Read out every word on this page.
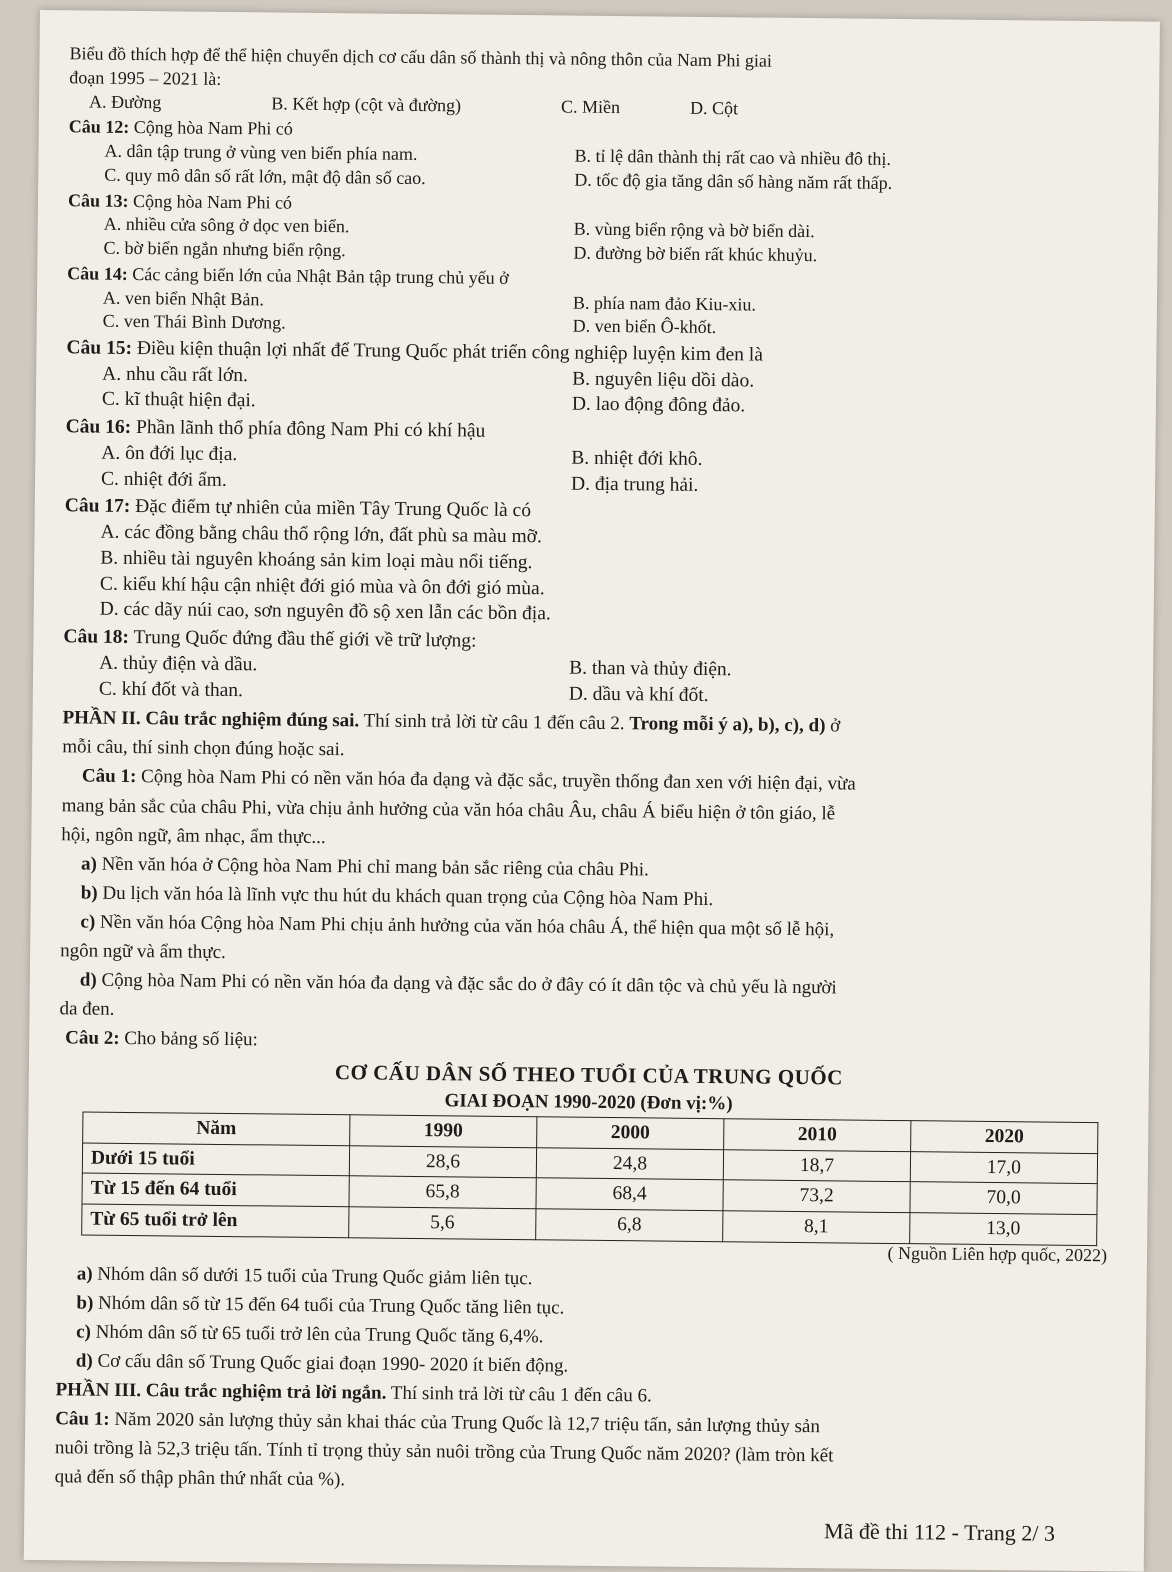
Biểu đồ thích hợp để thể hiện chuyển dịch cơ cấu dân số thành thị và nông thôn của Nam Phi giai
đoạn 1995 – 2021 là:
A. Đường	B. Kết hợp (cột và đường)	C. Miền	D. Cột
Câu 12: Cộng hòa Nam Phi có
A. dân tập trung ở vùng ven biển phía nam.	B. tỉ lệ dân thành thị rất cao và nhiều đô thị.
C. quy mô dân số rất lớn, mật độ dân số cao.	D. tốc độ gia tăng dân số hàng năm rất thấp.
Câu 13: Cộng hòa Nam Phi có
A. nhiều cửa sông ở dọc ven biển.	B. vùng biển rộng và bờ biển dài.
C. bờ biển ngắn nhưng biển rộng.	D. đường bờ biển rất khúc khuỷu.
Câu 14: Các cảng biển lớn của Nhật Bản tập trung chủ yếu ở
A. ven biển Nhật Bản.	B. phía nam đảo Kiu-xiu.
C. ven Thái Bình Dương.	D. ven biển Ô-khốt.
Câu 15: Điều kiện thuận lợi nhất để Trung Quốc phát triển công nghiệp luyện kim đen là
A. nhu cầu rất lớn.	B. nguyên liệu dồi dào.
C. kĩ thuật hiện đại.	D. lao động đông đảo.
Câu 16: Phần lãnh thổ phía đông Nam Phi có khí hậu
A. ôn đới lục địa.	B. nhiệt đới khô.
C. nhiệt đới ẩm.	D. địa trung hải.
Câu 17: Đặc điểm tự nhiên của miền Tây Trung Quốc là có
A. các đồng bằng châu thổ rộng lớn, đất phù sa màu mỡ.
B. nhiều tài nguyên khoáng sản kim loại màu nổi tiếng.
C. kiểu khí hậu cận nhiệt đới gió mùa và ôn đới gió mùa.
D. các dãy núi cao, sơn nguyên đồ sộ xen lẫn các bồn địa.
Câu 18: Trung Quốc đứng đầu thế giới về trữ lượng:
A. thủy điện và dầu.	B. than và thủy điện.
C. khí đốt và than.	D. dầu và khí đốt.
PHẦN II. Câu trắc nghiệm đúng sai. Thí sinh trả lời từ câu 1 đến câu 2. Trong mỗi ý a), b), c), d) ở
mỗi câu, thí sinh chọn đúng hoặc sai.
Câu 1: Cộng hòa Nam Phi có nền văn hóa đa dạng và đặc sắc, truyền thống đan xen với hiện đại, vừa
mang bản sắc của châu Phi, vừa chịu ảnh hưởng của văn hóa châu Âu, châu Á biểu hiện ở tôn giáo, lễ
hội, ngôn ngữ, âm nhạc, ẩm thực...
a) Nền văn hóa ở Cộng hòa Nam Phi chỉ mang bản sắc riêng của châu Phi.
b) Du lịch văn hóa là lĩnh vực thu hút du khách quan trọng của Cộng hòa Nam Phi.
c) Nền văn hóa Cộng hòa Nam Phi chịu ảnh hưởng của văn hóa châu Á, thể hiện qua một số lễ hội,
ngôn ngữ và ẩm thực.
d) Cộng hòa Nam Phi có nền văn hóa đa dạng và đặc sắc do ở đây có ít dân tộc và chủ yếu là người
da đen.
Câu 2: Cho bảng số liệu:
CƠ CẤU DÂN SỐ THEO TUỔI CỦA TRUNG QUỐC
GIAI ĐOẠN 1990-2020 (Đơn vị:%)
Năm	1990	2000	2010	2020
Dưới 15 tuổi	28,6	24,8	18,7	17,0
Từ 15 đến 64 tuổi	65,8	68,4	73,2	70,0
Từ 65 tuổi trở lên	5,6	6,8	8,1	13,0
( Nguồn Liên hợp quốc, 2022)
a) Nhóm dân số dưới 15 tuổi của Trung Quốc giảm liên tục.
b) Nhóm dân số từ 15 đến 64 tuổi của Trung Quốc tăng liên tục.
c) Nhóm dân số từ 65 tuổi trở lên của Trung Quốc tăng 6,4%.
d) Cơ cấu dân số Trung Quốc giai đoạn 1990- 2020 ít biến động.
PHẦN III. Câu trắc nghiệm trả lời ngắn. Thí sinh trả lời từ câu 1 đến câu 6.
Câu 1: Năm 2020 sản lượng thủy sản khai thác của Trung Quốc là 12,7 triệu tấn, sản lượng thủy sản
nuôi trồng là 52,3 triệu tấn. Tính tỉ trọng thủy sản nuôi trồng của Trung Quốc năm 2020? (làm tròn kết
quả đến số thập phân thứ nhất của %).
Mã đề thi 112 - Trang 2/ 3
